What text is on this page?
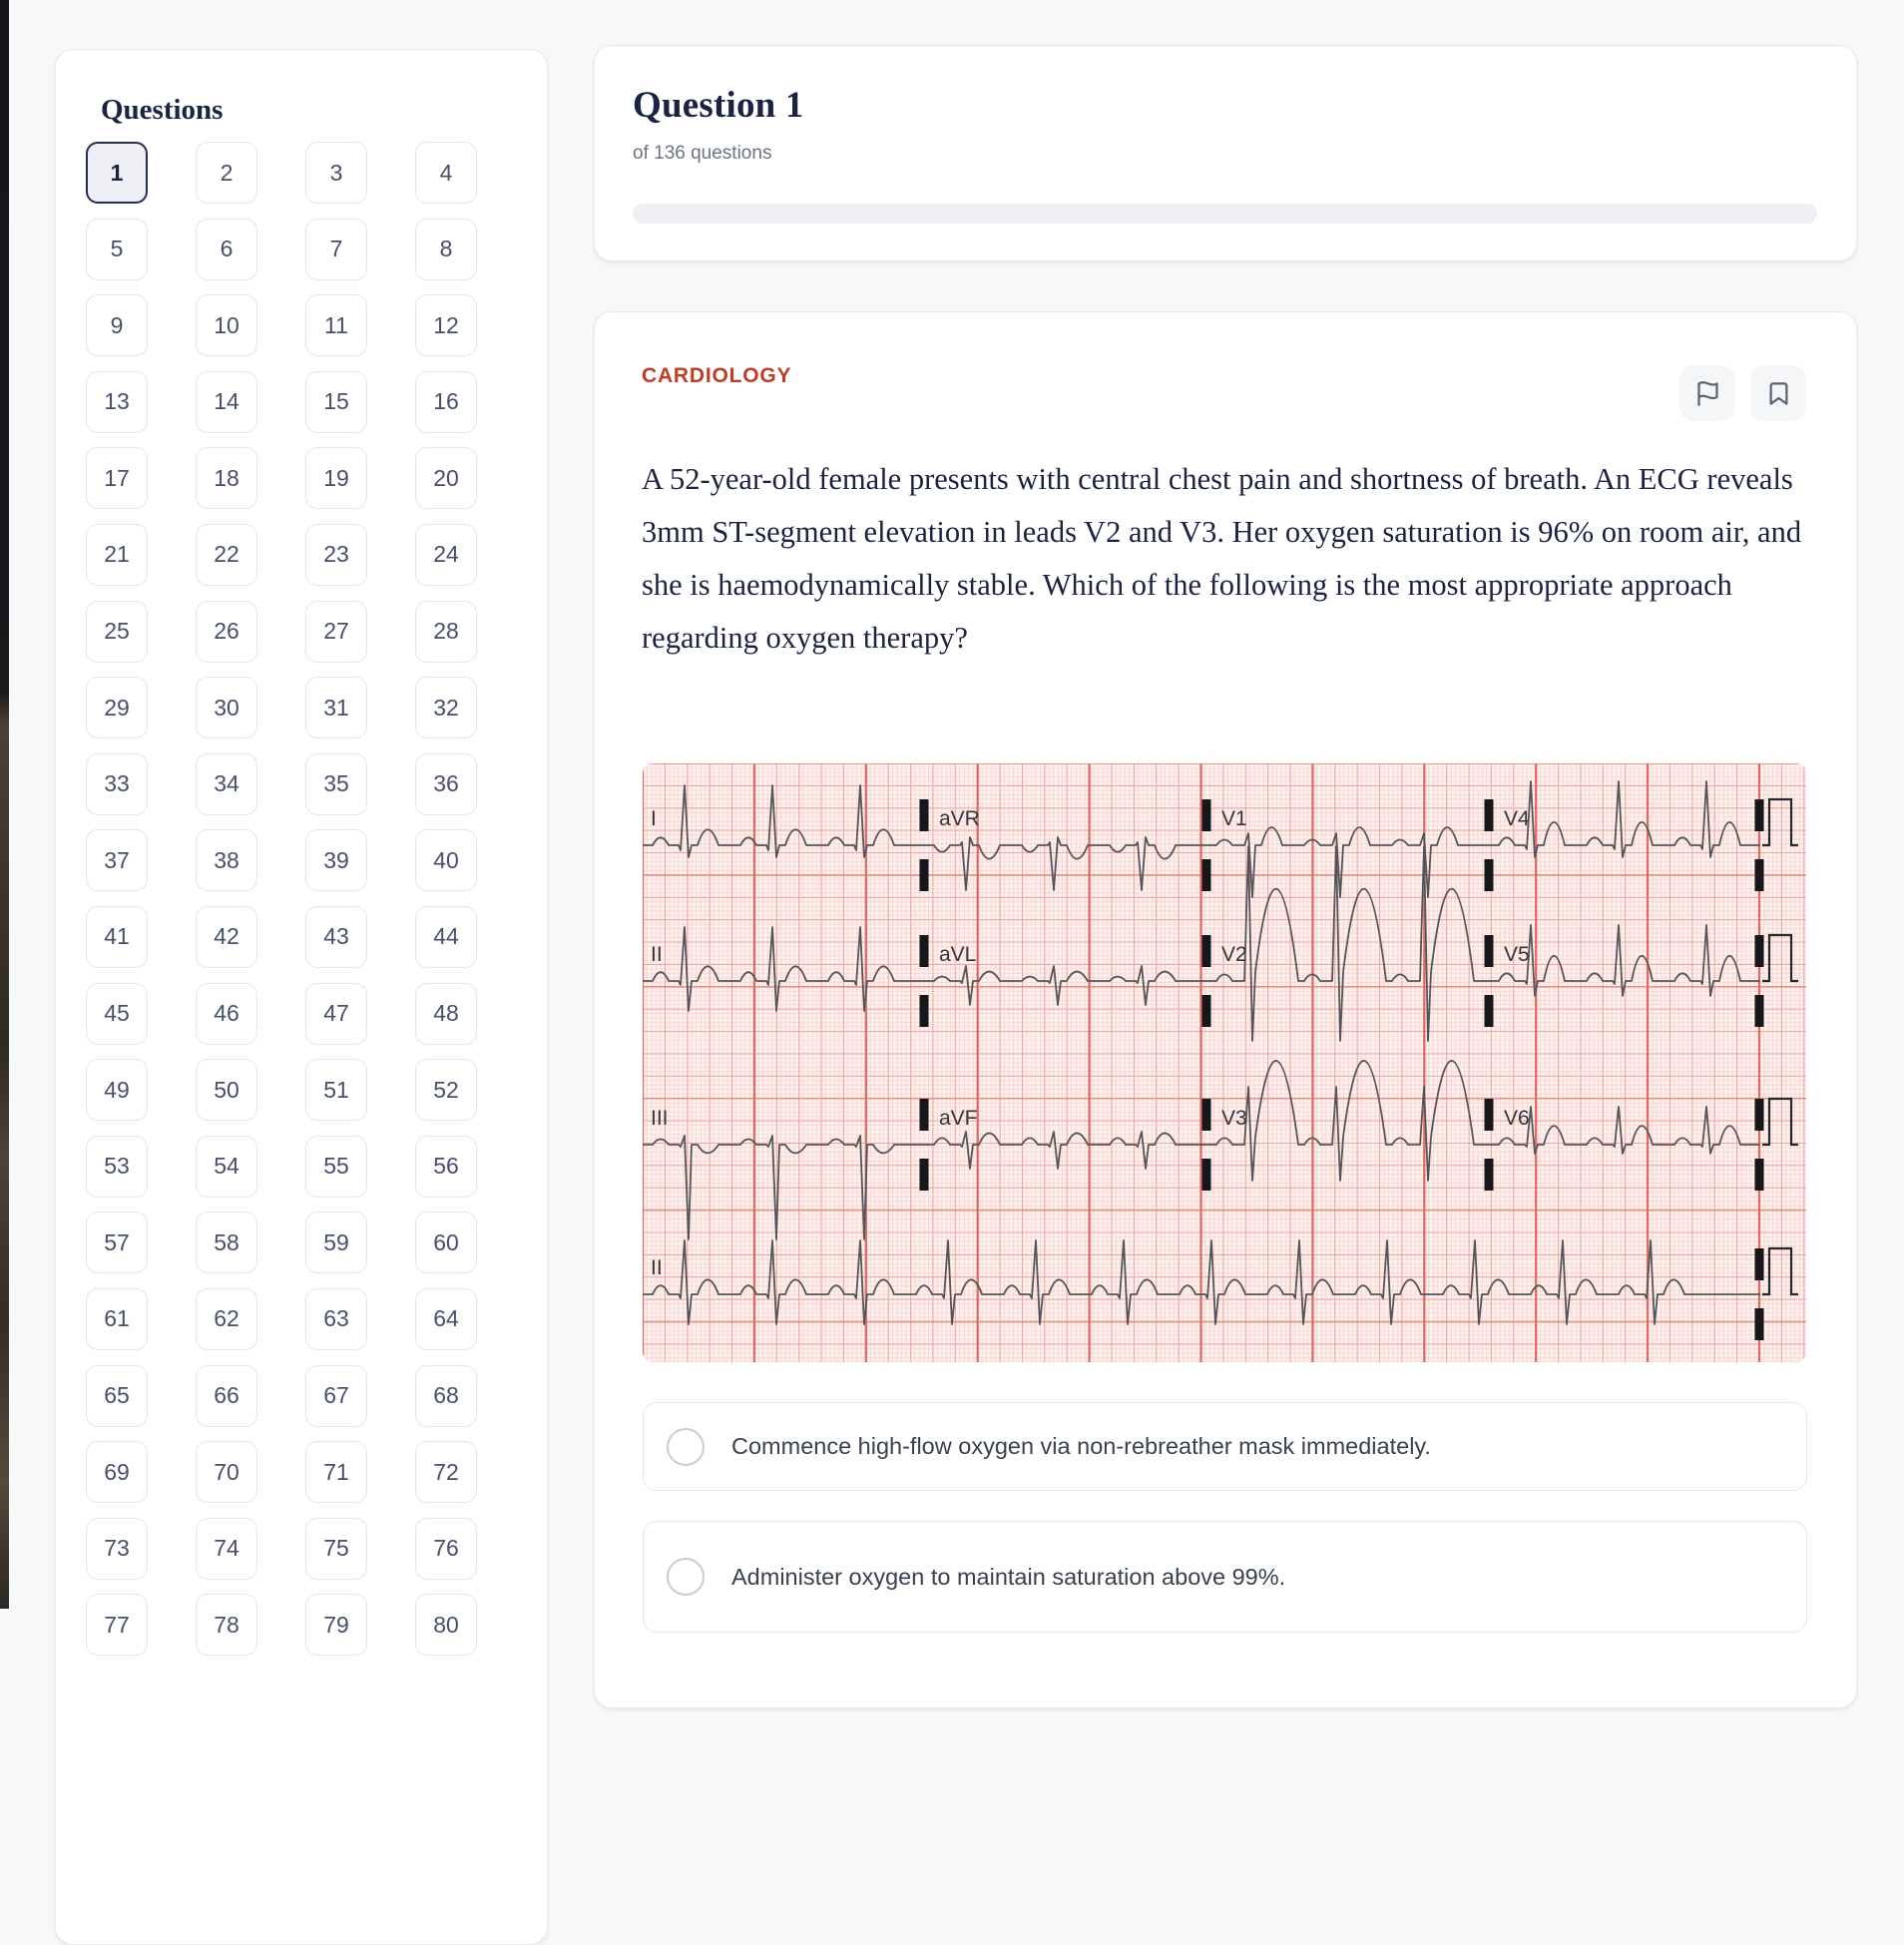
Questions
1	2	3	4
5	6	7	8
9	10	11	12
13	14	15	16
17	18	19	20
21	22	23	24
25	26	27	28
29	30	31	32
33	34	35	36
37	38	39	40
41	42	43	44
45	46	47	48
49	50	51	52
53	54	55	56
57	58	59	60
61	62	63	64
65	66	67	68
69	70	71	72
73	74	75	76
77	78	79	80
Question 1
of 136 questions
CARDIOLOGY
A 52-year-old female presents with central chest pain and shortness of breath. An ECG reveals 3mm ST-segment elevation in leads V2 and V3. Her oxygen saturation is 96% on room air, and she is haemodynamically stable. Which of the following is the most appropriate approach regarding oxygen therapy?
I	aVR	V1	V4
II	aVL	V2	V5
III	aVF	V3	V6
II
Commence high-flow oxygen via non-rebreather mask immediately.
Administer oxygen to maintain saturation above 99%.
